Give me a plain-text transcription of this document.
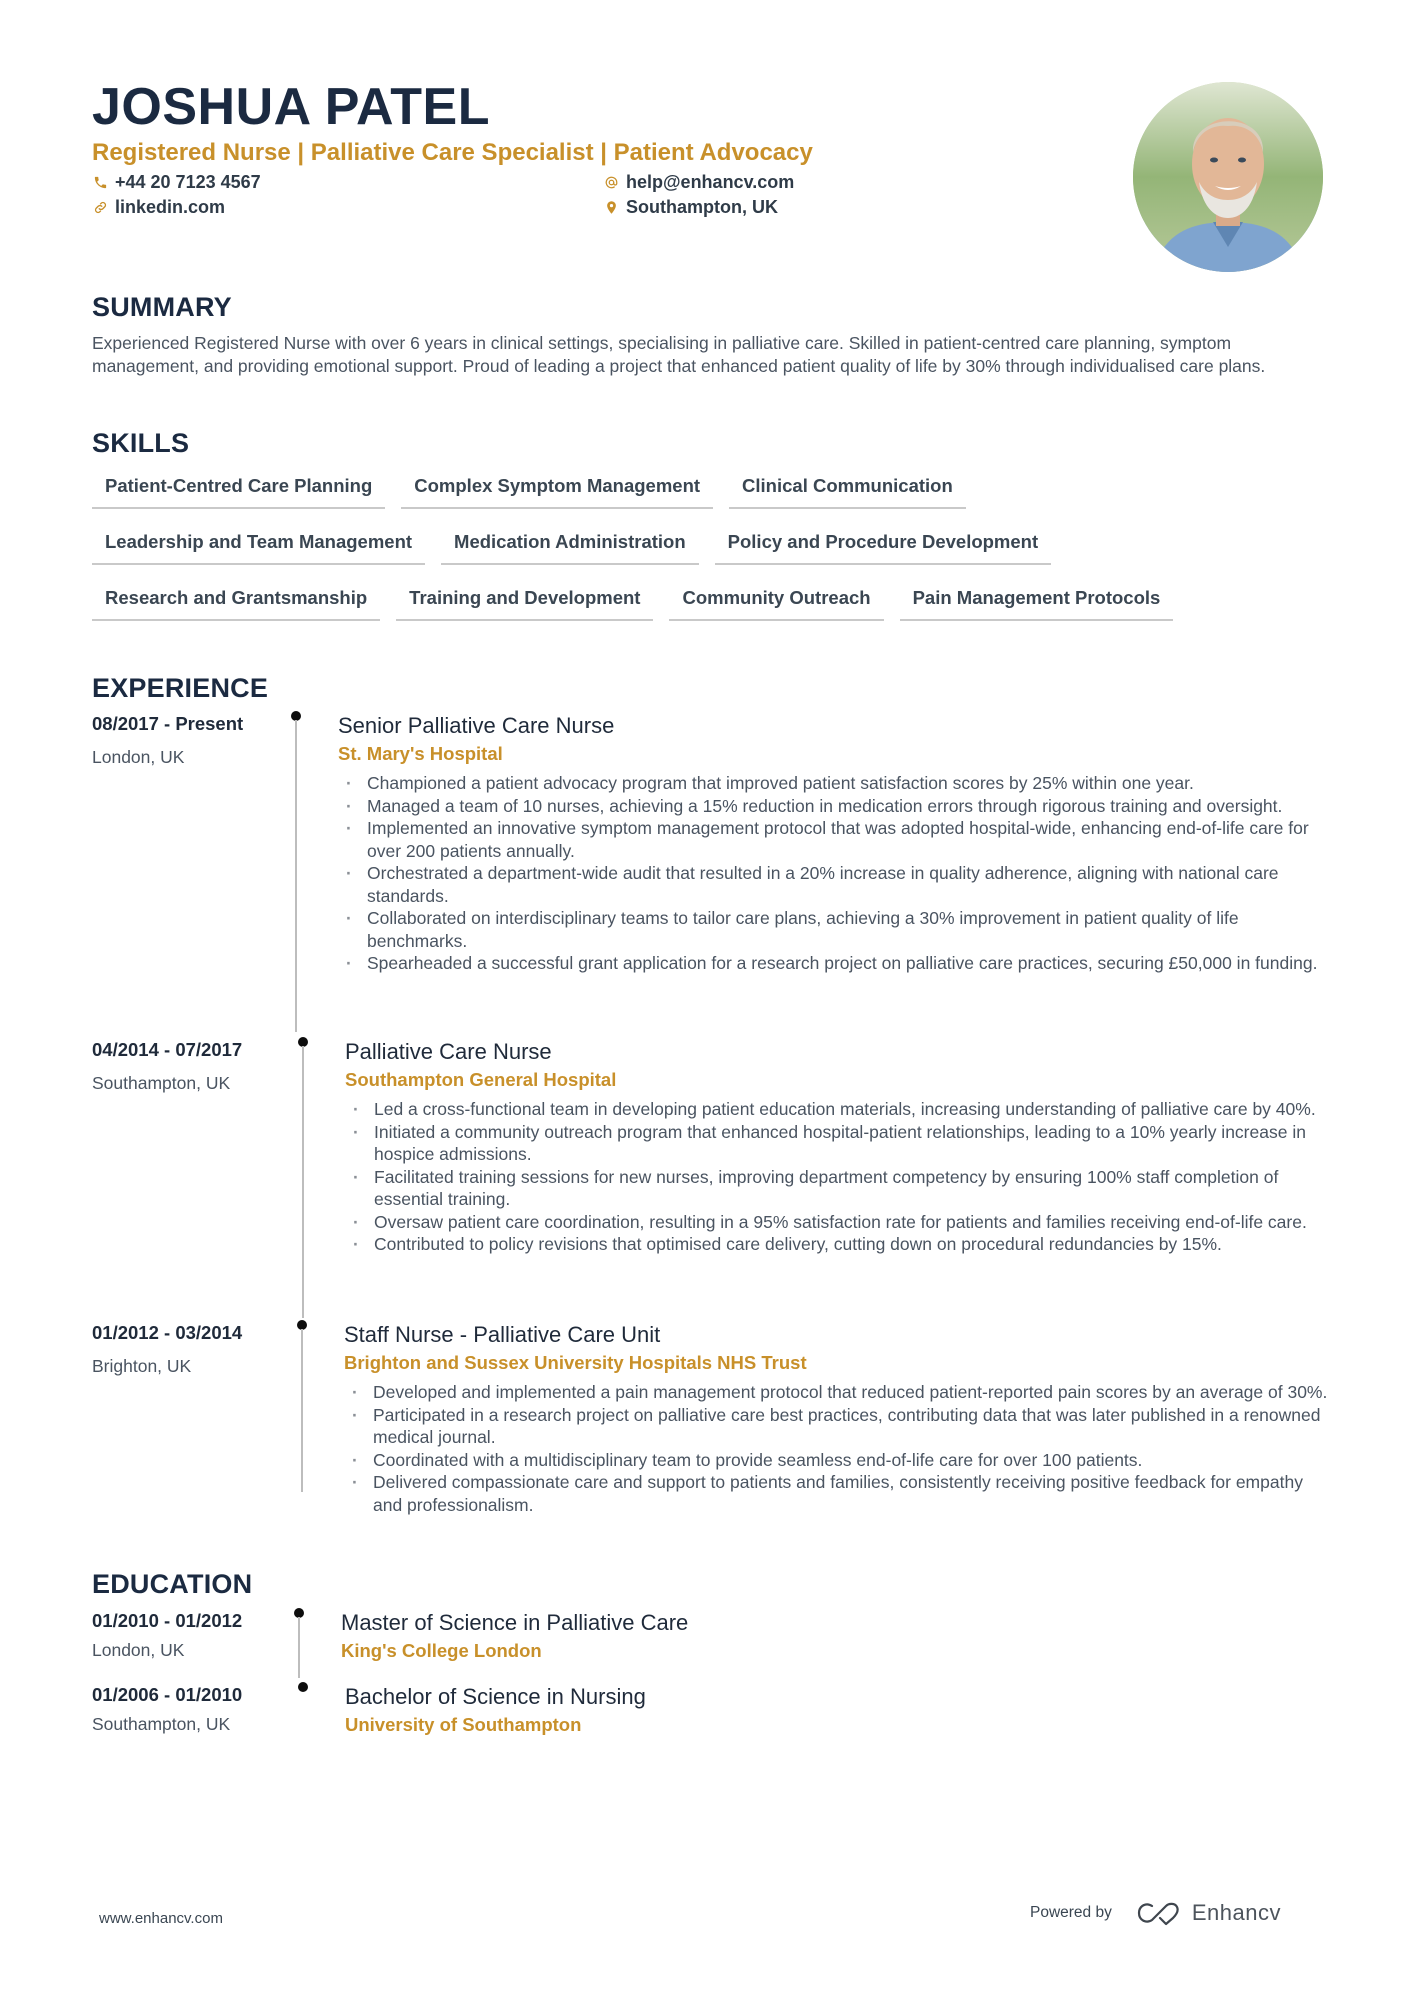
JOSHUA PATEL
Registered Nurse | Palliative Care Specialist | Patient Advocacy
+44 20 7123 4567
linkedin.com
help@enhancv.com
Southampton, UK
SUMMARY
Experienced Registered Nurse with over 6 years in clinical settings, specialising in palliative care. Skilled in patient-centred care planning, symptom management, and providing emotional support. Proud of leading a project that enhanced patient quality of life by 30% through individualised care plans.
SKILLS
Patient-Centred Care Planning	Complex Symptom Management	Clinical Communication
Leadership and Team Management	Medication Administration	Policy and Procedure Development
Research and Grantsmanship	Training and Development	Community Outreach	Pain Management Protocols
EXPERIENCE
08/2017 - Present
London, UK
Senior Palliative Care Nurse
St. Mary's Hospital
· Championed a patient advocacy program that improved patient satisfaction scores by 25% within one year.
· Managed a team of 10 nurses, achieving a 15% reduction in medication errors through rigorous training and oversight.
· Implemented an innovative symptom management protocol that was adopted hospital-wide, enhancing end-of-life care for over 200 patients annually.
· Orchestrated a department-wide audit that resulted in a 20% increase in quality adherence, aligning with national care standards.
· Collaborated on interdisciplinary teams to tailor care plans, achieving a 30% improvement in patient quality of life benchmarks.
· Spearheaded a successful grant application for a research project on palliative care practices, securing £50,000 in funding.
04/2014 - 07/2017
Southampton, UK
Palliative Care Nurse
Southampton General Hospital
· Led a cross-functional team in developing patient education materials, increasing understanding of palliative care by 40%.
· Initiated a community outreach program that enhanced hospital-patient relationships, leading to a 10% yearly increase in hospice admissions.
· Facilitated training sessions for new nurses, improving department competency by ensuring 100% staff completion of essential training.
· Oversaw patient care coordination, resulting in a 95% satisfaction rate for patients and families receiving end-of-life care.
· Contributed to policy revisions that optimised care delivery, cutting down on procedural redundancies by 15%.
01/2012 - 03/2014
Brighton, UK
Staff Nurse - Palliative Care Unit
Brighton and Sussex University Hospitals NHS Trust
· Developed and implemented a pain management protocol that reduced patient-reported pain scores by an average of 30%.
· Participated in a research project on palliative care best practices, contributing data that was later published in a renowned medical journal.
· Coordinated with a multidisciplinary team to provide seamless end-of-life care for over 100 patients.
· Delivered compassionate care and support to patients and families, consistently receiving positive feedback for empathy and professionalism.
EDUCATION
01/2010 - 01/2012
London, UK
Master of Science in Palliative Care
King's College London
01/2006 - 01/2010
Southampton, UK
Bachelor of Science in Nursing
University of Southampton
www.enhancv.com	Powered by	Enhancv
